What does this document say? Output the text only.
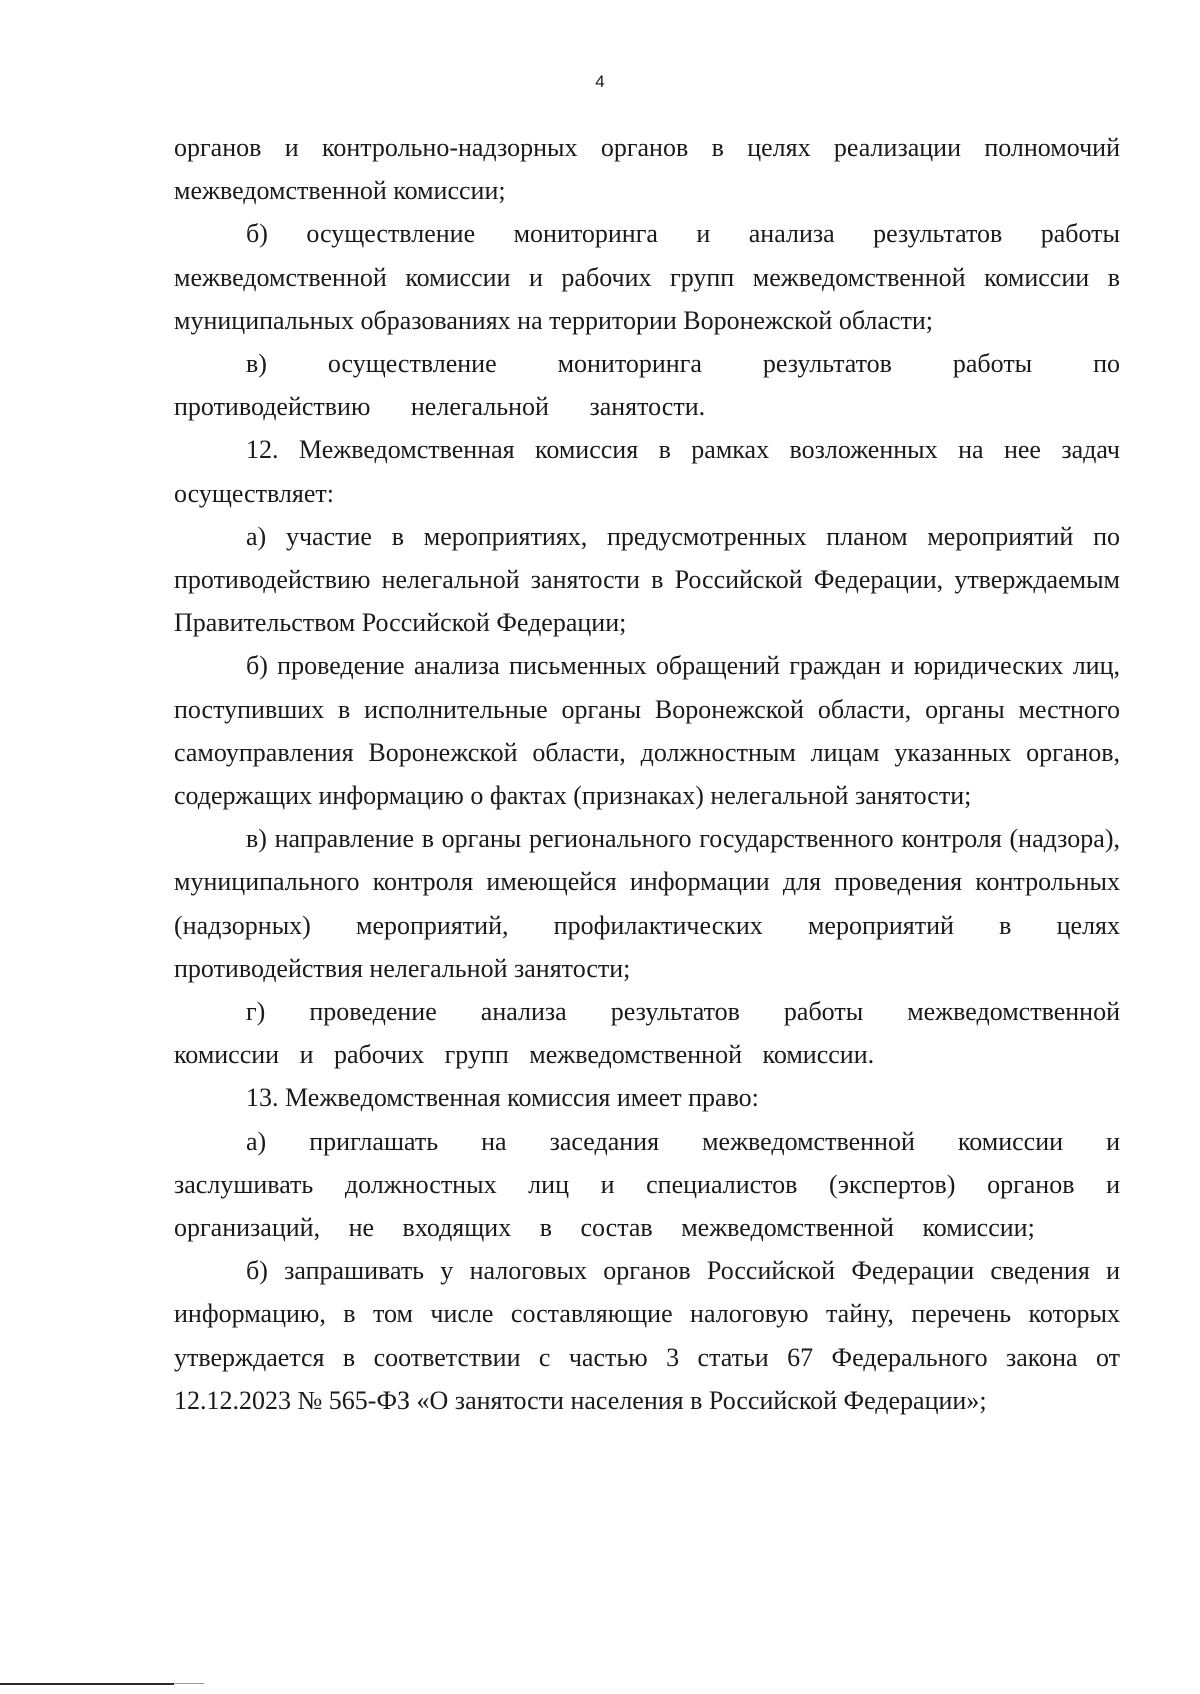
4

органов и контрольно-надзорных органов в целях реализации полномочий межведомственной комиссии;

б) осуществление мониторинга и анализа результатов работы межведомственной комиссии и рабочих групп межведомственной комиссии в муниципальных образованиях на территории Воронежской области;

в) осуществление мониторинга результатов работы по противодействию нелегальной занятости.

12. Межведомственная комиссия в рамках возложенных на нее задач осуществляет:

а) участие в мероприятиях, предусмотренных планом мероприятий по противодействию нелегальной занятости в Российской Федерации, утверждаемым Правительством Российской Федерации;

б) проведение анализа письменных обращений граждан и юридических лиц, поступивших в исполнительные органы Воронежской области, органы местного самоуправления Воронежской области, должностным лицам указанных органов, содержащих информацию о фактах (признаках) нелегальной занятости;

в) направление в органы регионального государственного контроля (надзора), муниципального контроля имеющейся информации для проведения контрольных (надзорных) мероприятий, профилактических мероприятий в целях противодействия нелегальной занятости;

г) проведение анализа результатов работы межведомственной комиссии и рабочих групп межведомственной комиссии.

13. Межведомственная комиссия имеет право:

а) приглашать на заседания межведомственной комиссии и заслушивать должностных лиц и специалистов (экспертов) органов и организаций, не входящих в состав межведомственной комиссии;

б) запрашивать у налоговых органов Российской Федерации сведения и информацию, в том числе составляющие налоговую тайну, перечень которых утверждается в соответствии с частью 3 статьи 67 Федерального закона от 12.12.2023 № 565-ФЗ «О занятости населения в Российской Федерации»;
